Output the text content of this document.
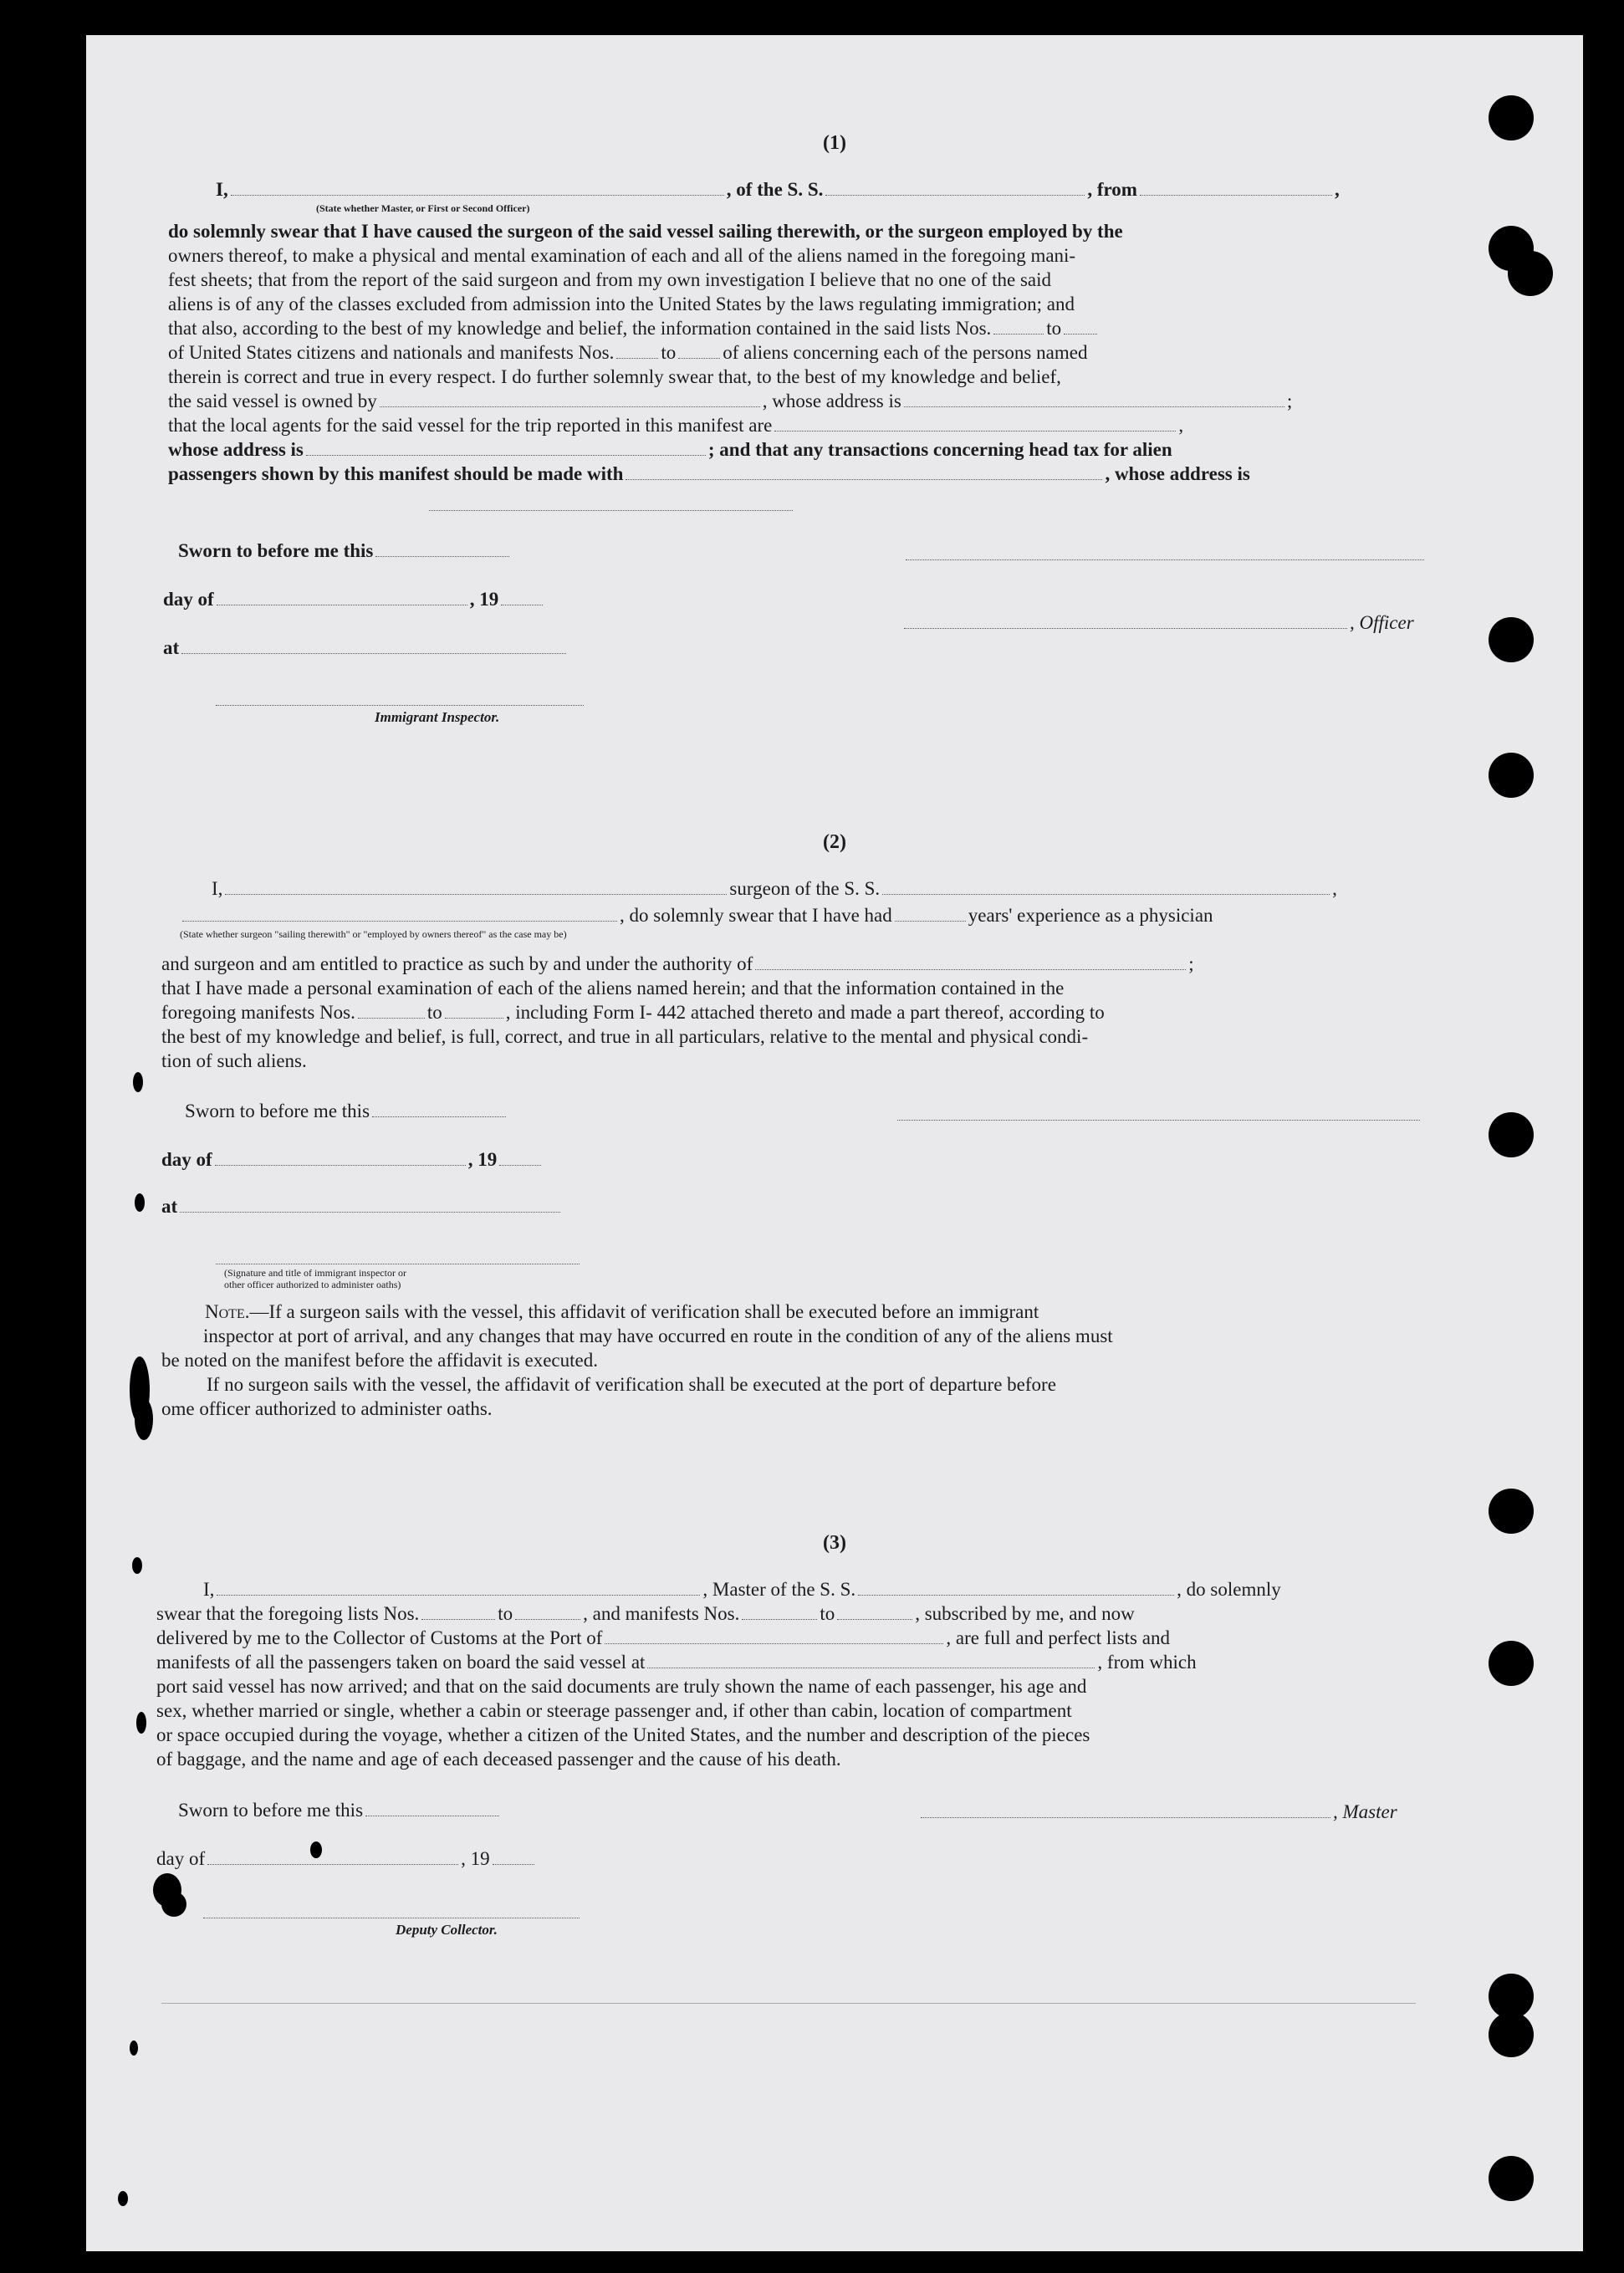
(1)
I,	, of the S. S.	, from	,
(State whether Master, or First or Second Officer)
do solemnly swear that I have caused the surgeon of the said vessel sailing therewith, or the surgeon employed by the
owners thereof, to make a physical and mental examination of each and all of the aliens named in the foregoing mani-
fest sheets; that from the report of the said surgeon and from my own investigation I believe that no one of the said
aliens is of any of the classes excluded from admission into the United States by the laws regulating immigration; and
that also, according to the best of my knowledge and belief, the information contained in the said lists Nos.	to
of United States citizens and nationals and manifests Nos. to of aliens concerning each of the persons named
therein is correct and true in every respect. I do further solemnly swear that, to the best of my knowledge and belief,
the said vessel is owned by	, whose address is	;
that the local agents for the said vessel for the trip reported in this manifest are	,
whose address is	; and that any transactions concerning head tax for alien
passengers shown by this manifest should be made with	, whose address is
Sworn to before me this
day of	, 19
, Officer
at
Immigrant Inspector.
(2)
I,	surgeon of the S. S.	,
, do solemnly swear that I have had	years' experience as a physician
(State whether surgeon "sailing therewith" or "employed by owners thereof" as the case may be)
and surgeon and am entitled to practice as such by and under the authority of	;
that I have made a personal examination of each of the aliens named herein; and that the information contained in the
foregoing manifests Nos.	to	, including Form I- 442 attached thereto and made a part thereof, according to
the best of my knowledge and belief, is full, correct, and true in all particulars, relative to the mental and physical condi-
tion of such aliens.
Sworn to before me this
day of	, 19
at
(Signature and title of immigrant inspector or
other officer authorized to administer oaths)
Note.—If a surgeon sails with the vessel, this affidavit of verification shall be executed before an immigrant
inspector at port of arrival, and any changes that may have occurred en route in the condition of any of the aliens must
be noted on the manifest before the affidavit is executed.
If no surgeon sails with the vessel, the affidavit of verification shall be executed at the port of departure before
ome officer authorized to administer oaths.
(3)
I,	, Master of the S. S.	, do solemnly
swear that the foregoing lists Nos.	to	, and manifests Nos.	to	, subscribed by me, and now
delivered by me to the Collector of Customs at the Port of	, are full and perfect lists and
manifests of all the passengers taken on board the said vessel at	, from which
port said vessel has now arrived; and that on the said documents are truly shown the name of each passenger, his age and
sex, whether married or single, whether a cabin or steerage passenger and, if other than cabin, location of compartment
or space occupied during the voyage, whether a citizen of the United States, and the number and description of the pieces
of baggage, and the name and age of each deceased passenger and the cause of his death.
Sworn to before me this	, Master
day of	, 19
Deputy Collector.
